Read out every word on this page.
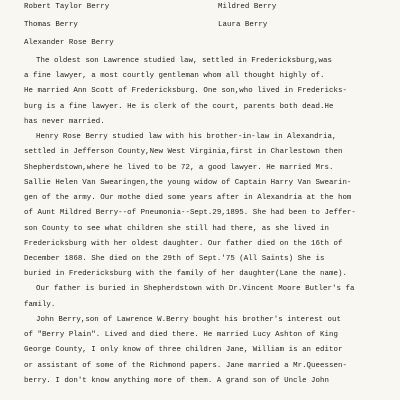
Robert Taylor Berry	Mildred Berry
Thomas Berry	Laura Berry
Alexander Rose Berry
The oldest son Lawrence studied law, settled in Fredericksburg,was
a fine lawyer, a most courtly gentleman whom all thought highly of.
He married Ann Scott of Fredericksburg. One son,who lived in Fredericks-
burg is a fine lawyer. He is clerk of the court, parents both dead.He
has never married.
Henry Rose Berry studied law with his brother-in-law in Alexandria,
settled in Jefferson County,New West Virginia,first in Charlestown then
Shepherdstown,where he lived to be 72, a good lawyer. He married Mrs.
Sallie Helen Van Swearingen,the young widow of Captain Harry Van Swearin-
gen of the army. Our mothe died some years after in Alexandria at the hom
of Aunt Mildred Berry--of Pneumonia--Sept.29,1895. She had been to Jeffer-
son County to see what children she still had there, as she lived in
Fredericksburg with her oldest daughter. Our father died on the 16th of
December 1868. She died on the 29th of Sept.'75 (All Saints) She is
buried in Fredericksburg with the family of her daughter(Lane the name).
Our father is buried in Shepherdstown with Dr.Vincent Moore Butler's fa
family.
John Berry,son of Lawrence W.Berry bought his brother's interest out
of "Berry Plain". Lived and died there. He married Lucy Ashton of King
George County, I only know of three children Jane, William is an editor
or assistant of some of the Richmond papers. Jane married a Mr.Queessen-
berry. I don't know anything more of them. A grand son of Uncle John
